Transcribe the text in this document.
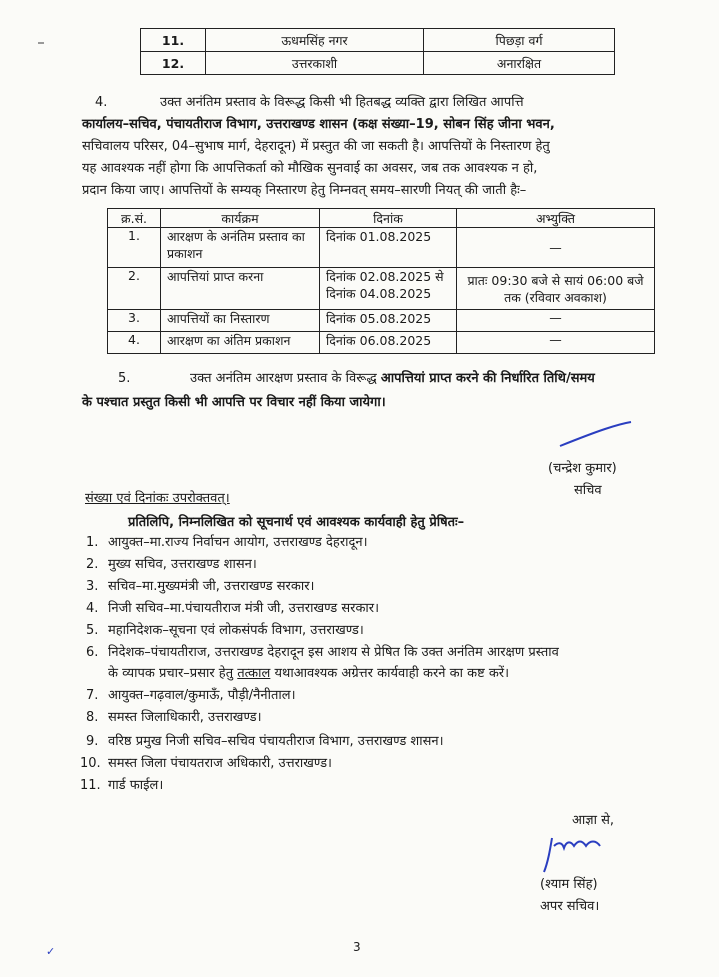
11.	ऊधमसिंह नगर	पिछड़ा वर्ग
12.	उत्तरकाशी	अनारक्षित
4.	उक्त अनंतिम प्रस्ताव के विरूद्ध किसी भी हितबद्ध व्यक्ति द्वारा लिखित आपत्ति
कार्यालय–सचिव, पंचायतीराज विभाग, उत्तराखण्ड शासन (कक्ष संख्या–19, सोबन सिंह जीना भवन,
सचिवालय परिसर, 04–सुभाष मार्ग, देहरादून) में प्रस्तुत की जा सकती है। आपत्तियों के निस्तारण हेतु
यह आवश्यक नहीं होगा कि आपत्तिकर्ता को मौखिक सुनवाई का अवसर, जब तक आवश्यक न हो,
प्रदान किया जाए। आपत्तियों के सम्यक् निस्तारण हेतु निम्नवत् समय–सारणी नियत् की जाती हैः–
क्र.सं.	कार्यक्रम	दिनांक	अभ्युक्ति
1.	आरक्षण के अनंतिम प्रस्ताव का प्रकाशन	दिनांक 01.08.2025	—
2.	आपत्तियां प्राप्त करना	दिनांक 02.08.2025 से दिनांक 04.08.2025	प्रातः 09:30 बजे से सायं 06:00 बजे तक (रविवार अवकाश)
3.	आपत्तियों का निस्तारण	दिनांक 05.08.2025	—
4.	आरक्षण का अंतिम प्रकाशन	दिनांक 06.08.2025	—
5.	उक्त अनंतिम आरक्षण प्रस्ताव के विरूद्ध आपत्तियां प्राप्त करने की निर्धारित तिथि/समय
के पश्चात प्रस्तुत किसी भी आपत्ति पर विचार नहीं किया जायेगा।
(चन्द्रेश कुमार)
सचिव
संख्या एवं दिनांकः उपरोक्तवत्।
प्रतिलिपि, निम्नलिखित को सूचनार्थ एवं आवश्यक कार्यवाही हेतु प्रेषितः–
1. आयुक्त–मा.राज्य निर्वाचन आयोग, उत्तराखण्ड देहरादून।
2. मुख्य सचिव, उत्तराखण्ड शासन।
3. सचिव–मा.मुख्यमंत्री जी, उत्तराखण्ड सरकार।
4. निजी सचिव–मा.पंचायतीराज मंत्री जी, उत्तराखण्ड सरकार।
5. महानिदेशक–सूचना एवं लोकसंपर्क विभाग, उत्तराखण्ड।
6. निदेशक–पंचायतीराज, उत्तराखण्ड देहरादून इस आशय से प्रेषित कि उक्त अनंतिम आरक्षण प्रस्ताव
के व्यापक प्रचार–प्रसार हेतु तत्काल यथाआवश्यक अग्रेत्तर कार्यवाही करने का कष्ट करें।
7. आयुक्त–गढ़वाल/कुमाऊँ, पौड़ी/नैनीताल।
8. समस्त जिलाधिकारी, उत्तराखण्ड।
9. वरिष्ठ प्रमुख निजी सचिव–सचिव पंचायतीराज विभाग, उत्तराखण्ड शासन।
10. समस्त जिला पंचायतराज अधिकारी, उत्तराखण्ड।
11. गार्ड फाईल।
आज्ञा से,
(श्याम सिंह)
अपर सचिव।
3
✓
